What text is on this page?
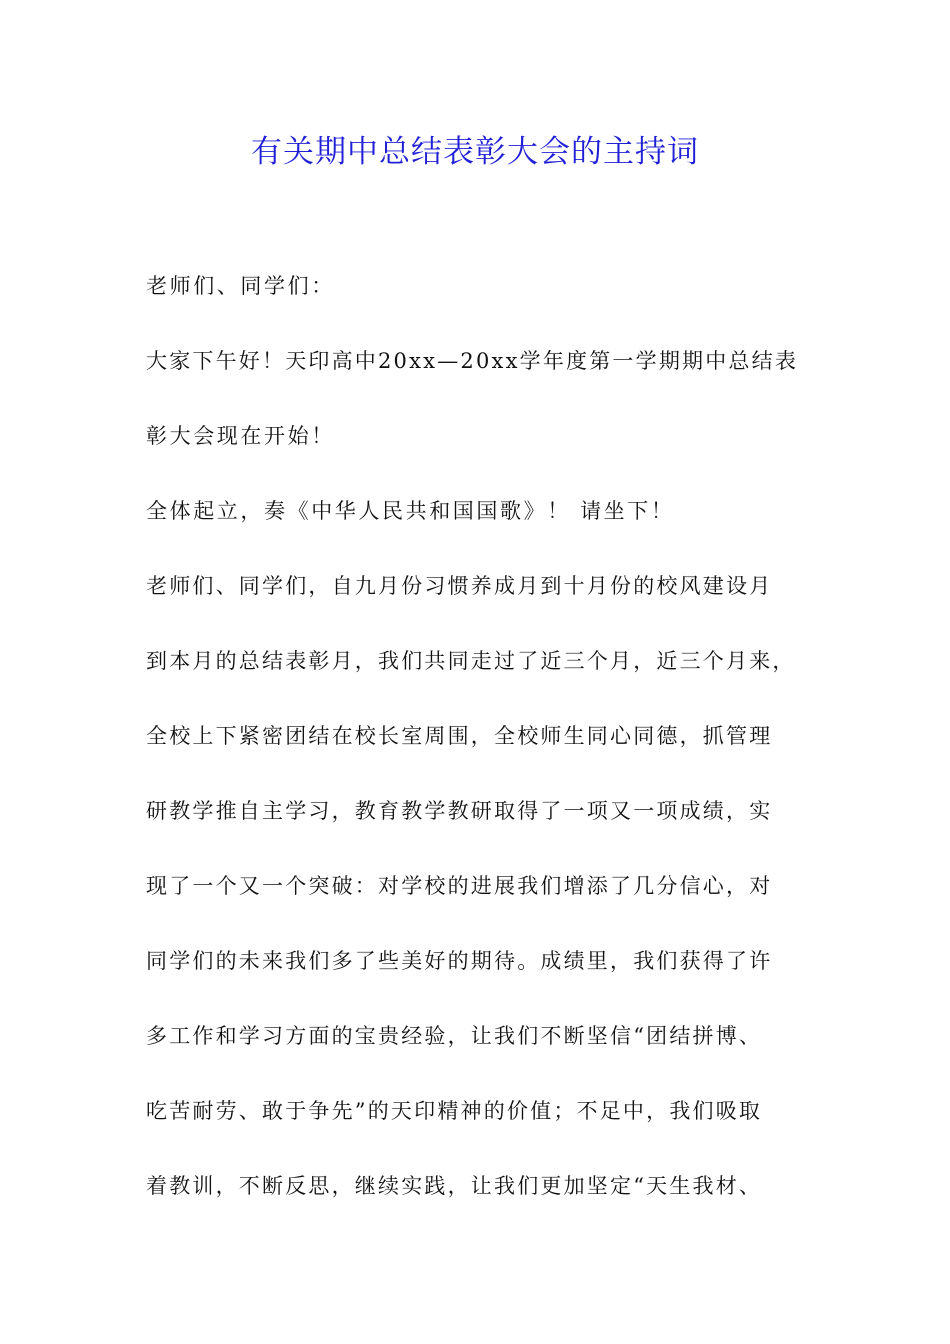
有关期中总结表彰大会的主持词

老师们、同学们：

大家下午好！天印高中20xx—20xx学年度第一学期期中总结表

彰大会现在开始！

全体起立，奏《中华人民共和国国歌》！ 请坐下！

老师们、同学们，自九月份习惯养成月到十月份的校风建设月

到本月的总结表彰月，我们共同走过了近三个月，近三个月来，

全校上下紧密团结在校长室周围，全校师生同心同德，抓管理

研教学推自主学习，教育教学教研取得了一项又一项成绩，实

现了一个又一个突破：对学校的进展我们增添了几分信心，对

同学们的未来我们多了些美好的期待。成绩里，我们获得了许

多工作和学习方面的宝贵经验，让我们不断坚信“团结拼博、

吃苦耐劳、敢于争先”的天印精神的价值；不足中，我们吸取

着教训，不断反思，继续实践，让我们更加坚定“天生我材、
